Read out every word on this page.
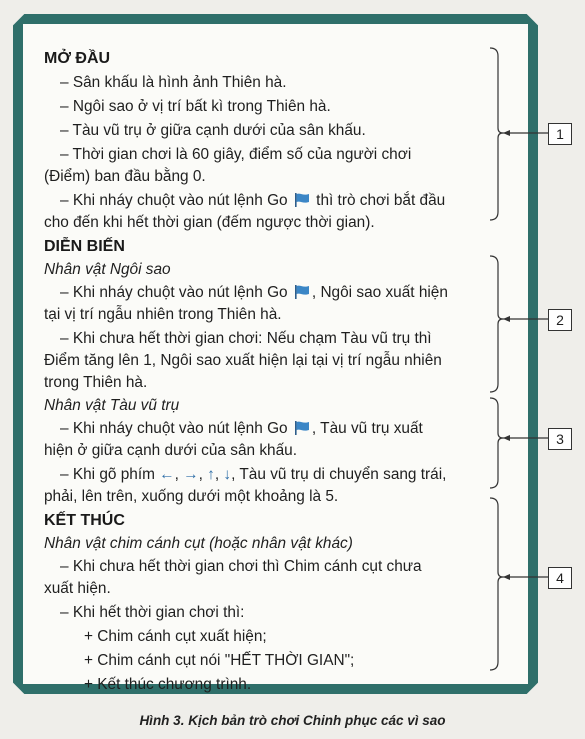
MỞ ĐẦU
– Sân khấu là hình ảnh Thiên hà.
– Ngôi sao ở vị trí bất kì trong Thiên hà.
– Tàu vũ trụ ở giữa cạnh dưới của sân khấu.
– Thời gian chơi là 60 giây, điểm số của người chơi
(Điểm) ban đầu bằng 0.
– Khi nháy chuột vào nút lệnh Go thì trò chơi bắt đầu
cho đến khi hết thời gian (đếm ngược thời gian).
DIỄN BIẾN
Nhân vật Ngôi sao
– Khi nháy chuột vào nút lệnh Go , Ngôi sao xuất hiện
tại vị trí ngẫu nhiên trong Thiên hà.
– Khi chưa hết thời gian chơi: Nếu chạm Tàu vũ trụ thì
Điểm tăng lên 1, Ngôi sao xuất hiện lại tại vị trí ngẫu nhiên
trong Thiên hà.
Nhân vật Tàu vũ trụ
– Khi nháy chuột vào nút lệnh Go , Tàu vũ trụ xuất
hiện ở giữa cạnh dưới của sân khấu.
– Khi gõ phím ←, →, ↑, ↓, Tàu vũ trụ di chuyển sang trái,
phải, lên trên, xuống dưới một khoảng là 5.
KẾT THÚC
Nhân vật chim cánh cụt (hoặc nhân vật khác)
– Khi chưa hết thời gian chơi thì Chim cánh cụt chưa
xuất hiện.
– Khi hết thời gian chơi thì:
+ Chim cánh cụt xuất hiện;
+ Chim cánh cụt nói "HẾT THỜI GIAN";
+ Kết thúc chương trình.
1
2
3
4
Hình 3. Kịch bản trò chơi Chinh phục các vì sao
